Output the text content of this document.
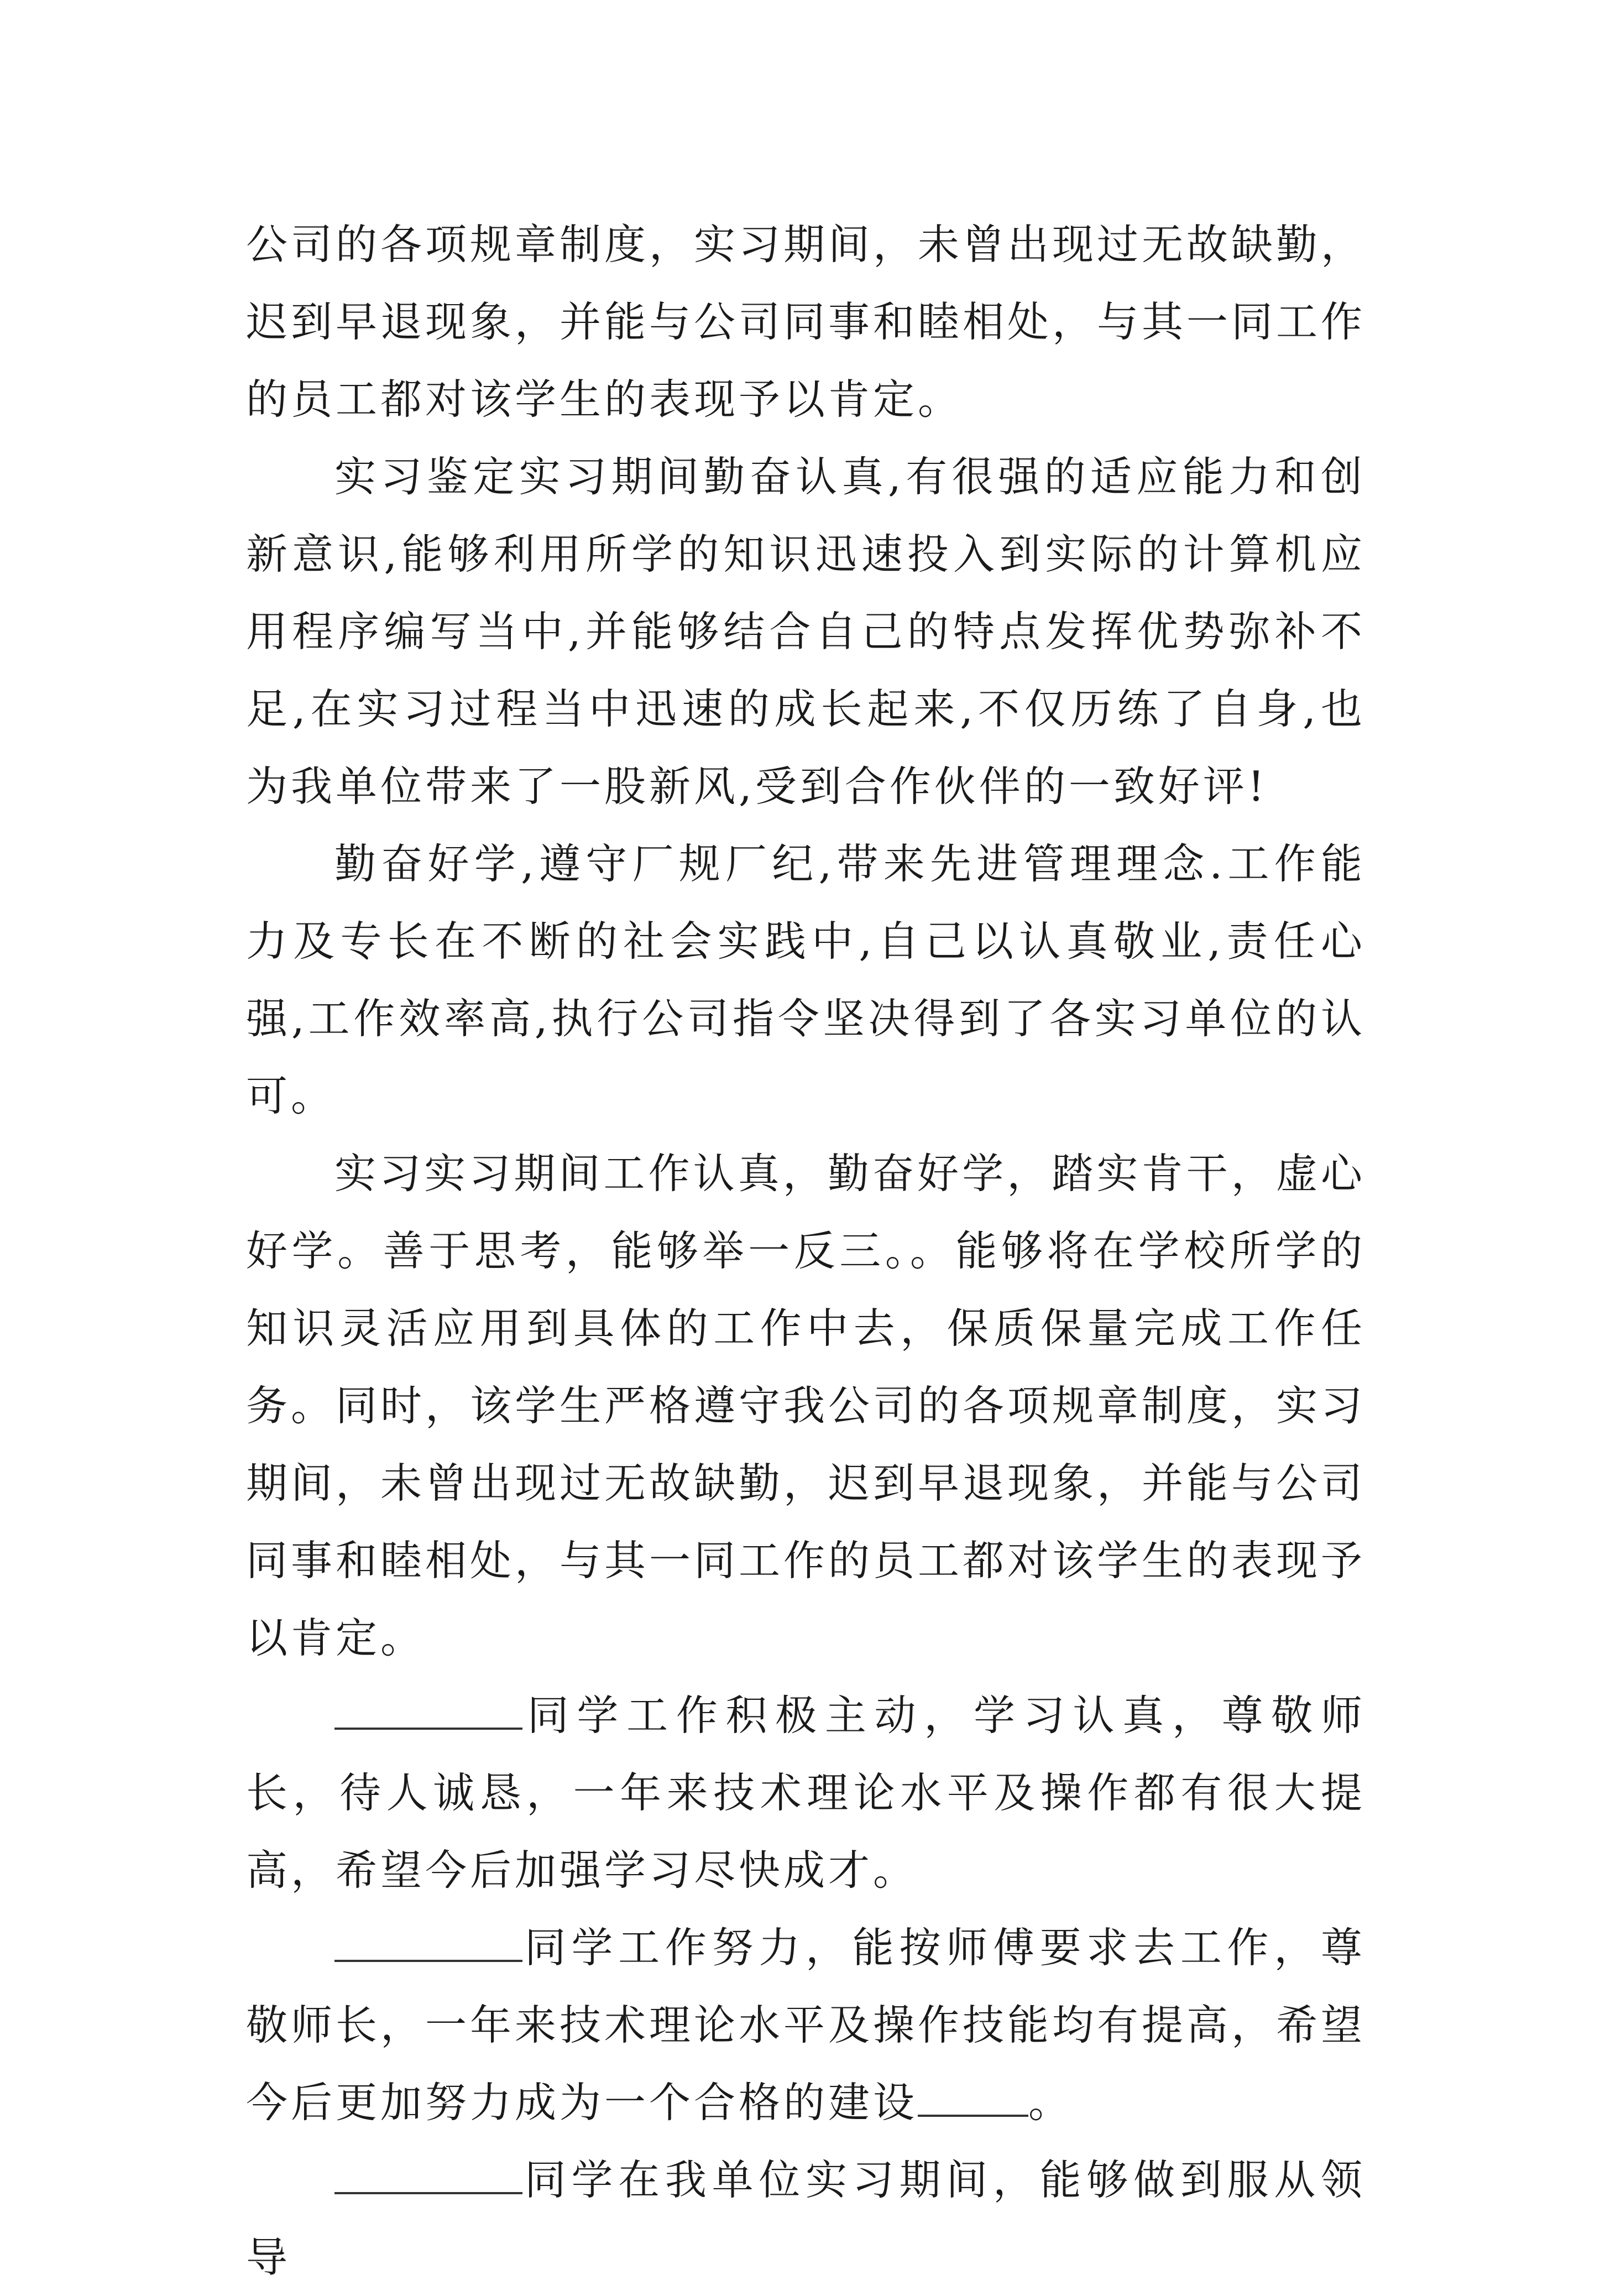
公司的各项规章制度，实习期间，未曾出现过无故缺勤，迟到早退现象，并能与公司同事和睦相处，与其一同工作的员工都对该学生的表现予以肯定。

实习鉴定实习期间勤奋认真,有很强的适应能力和创新意识,能够利用所学的知识迅速投入到实际的计算机应用程序编写当中,并能够结合自己的特点发挥优势弥补不足,在实习过程当中迅速的成长起来,不仅历练了自身,也为我单位带来了一股新风,受到合作伙伴的一致好评!

勤奋好学,遵守厂规厂纪,带来先进管理理念.工作能力及专长在不断的社会实践中,自己以认真敬业,责任心强,工作效率高,执行公司指令坚决得到了各实习单位的认可。

实习实习期间工作认真，勤奋好学，踏实肯干，虚心好学。善于思考，能够举一反三。。能够将在学校所学的知识灵活应用到具体的工作中去，保质保量完成工作任务。同时，该学生严格遵守我公司的各项规章制度，实习期间，未曾出现过无故缺勤，迟到早退现象，并能与公司同事和睦相处，与其一同工作的员工都对该学生的表现予以肯定。

同学工作积极主动，学习认真，尊敬师长，待人诚恳，一年来技术理论水平及操作都有很大提高，希望今后加强学习尽快成才。

同学工作努力，能按师傅要求去工作，尊敬师长，一年来技术理论水平及操作技能均有提高，希望今后更加努力成为一个合格的建设	。

同学在我单位实习期间，能够做到服从领导
